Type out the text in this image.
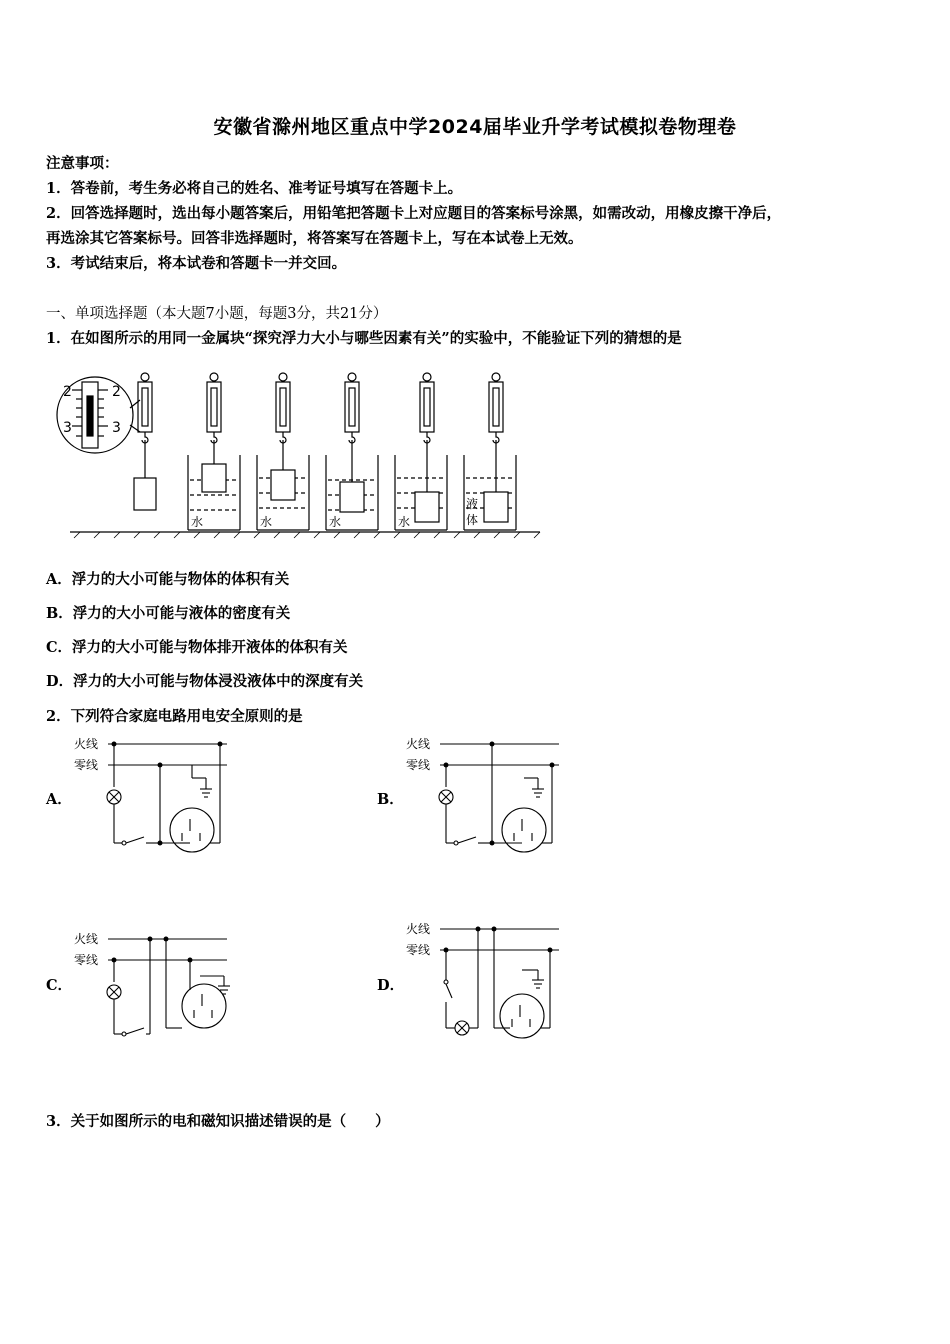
安徽省滁州地区重点中学2024届毕业升学考试模拟卷物理卷
注意事项：
1．答卷前，考生务必将自己的姓名、准考证号填写在答题卡上。
2．回答选择题时，选出每小题答案后，用铅笔把答题卡上对应题目的答案标号涂黑，如需改动，用橡皮擦干净后，
再选涂其它答案标号。回答非选择题时，将答案写在答题卡上，写在本试卷上无效。
3．考试结束后，将本试卷和答题卡一并交回。
一、单项选择题（本大题7小题，每题3分，共21分）
1．在如图所示的用同一金属块“探究浮力大小与哪些因素有关”的实验中，不能验证下列的猜想的是
2	2
3	3
水	水	水	水
液
体
A．浮力的大小可能与物体的体积有关
B．浮力的大小可能与液体的密度有关
C．浮力的大小可能与物体排开液体的体积有关
D．浮力的大小可能与物体浸没液体中的深度有关
2．下列符合家庭电路用电安全原则的是
A．	B．
C．	D．
火线
零线
火线
零线
火线
零线
火线
零线
3．关于如图所示的电和磁知识描述错误的是（　　）
